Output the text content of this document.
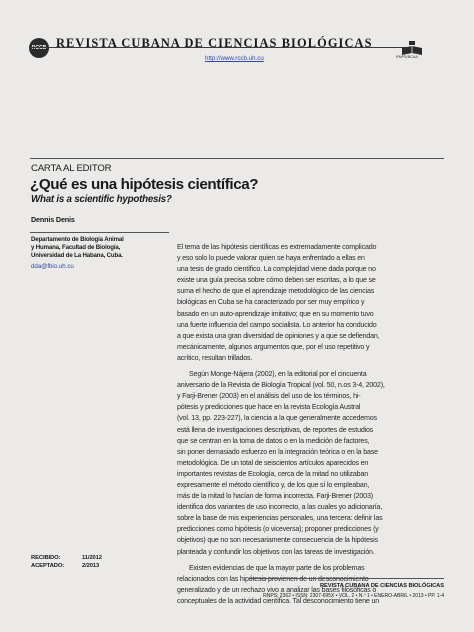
RCCB REVISTA CUBANA DE CIENCIAS BIOLÓGICAS
http://www.rccb.uh.cu	RNPS/BCAA
CARTA AL EDITOR
¿Qué es una hipótesis científica?
What is a scientific hypothesis?
Dennis Denis
Departamento de Biología Animal
y Humana, Facultad de Biología,
Universidad de La Habana, Cuba.
dda@fbio.uh.cu
El tema de las hipótesis científicas es extremadamente complicado
y eso solo lo puede valorar quien se haya enfrentado a ellas en
una tesis de grado científico. La complejidad viene dada porque no
existe una guía precisa sobre cómo deben ser escritas, a lo que se
suma el hecho de que el aprendizaje metodológico de las ciencias
biológicas en Cuba se ha caracterizado por ser muy empírico y
basado en un auto-aprendizaje imitativo; que en su momento tuvo
una fuerte influencia del campo socialista. Lo anterior ha conducido
a que exista una gran diversidad de opiniones y a que se defiendan,
mecánicamente, algunos argumentos que, por el uso repetitivo y
acrítico, resultan trillados.
Según Monge-Nájera (2002), en la editorial por el cincuenta
aniversario de la Revista de Biología Tropical (vol. 50, n.os 3-4, 2002),
y Farji-Brener (2003) en el análisis del uso de los términos, hi-
pótesis y predicciones que hace en la revista Ecología Austral
(vol. 13, pp. 223-227), la ciencia a la que generalmente accedemos
está llena de investigaciones descriptivas, de reportes de estudios
que se centran en la toma de datos o en la medición de factores,
sin poner demasiado esfuerzo en la integración teórica o en la base
metodológica. De un total de seiscientos artículos aparecidos en
importantes revistas de Ecología, cerca de la mitad no utilizaban
expresamente el método científico y, de los que sí lo empleaban,
más de la mitad lo hacían de forma incorrecta. Farji-Brener (2003)
identifica dos variantes de uso incorrecto, a las cuales yo adicionaría,
sobre la base de mis experiencias personales, una tercera: definir las
predicciones como hipótesis (o viceversa); proponer predicciones (y
objetivos) que no son necesariamente consecuencia de la hipótesis
planteada y confundir los objetivos con las tareas de investigación.
Existen evidencias de que la mayor parte de los problemas
relacionados con las hipótesis provienen de un desconocimiento
generalizado y de un rechazo vivo a analizar las bases filosóficas o
conceptuales de la actividad científica. Tal desconocimiento tiene un
RECIBIDO:	11/2012
ACEPTADO:	2/2013
REVISTA CUBANA DE CIENCIAS BIOLÓGICAS
RNPS: 2362 • ISSN: 2307-695X • VOL. 2 • N.º 1 • ENERO-ABRIL • 2013 • PP. 1-4
